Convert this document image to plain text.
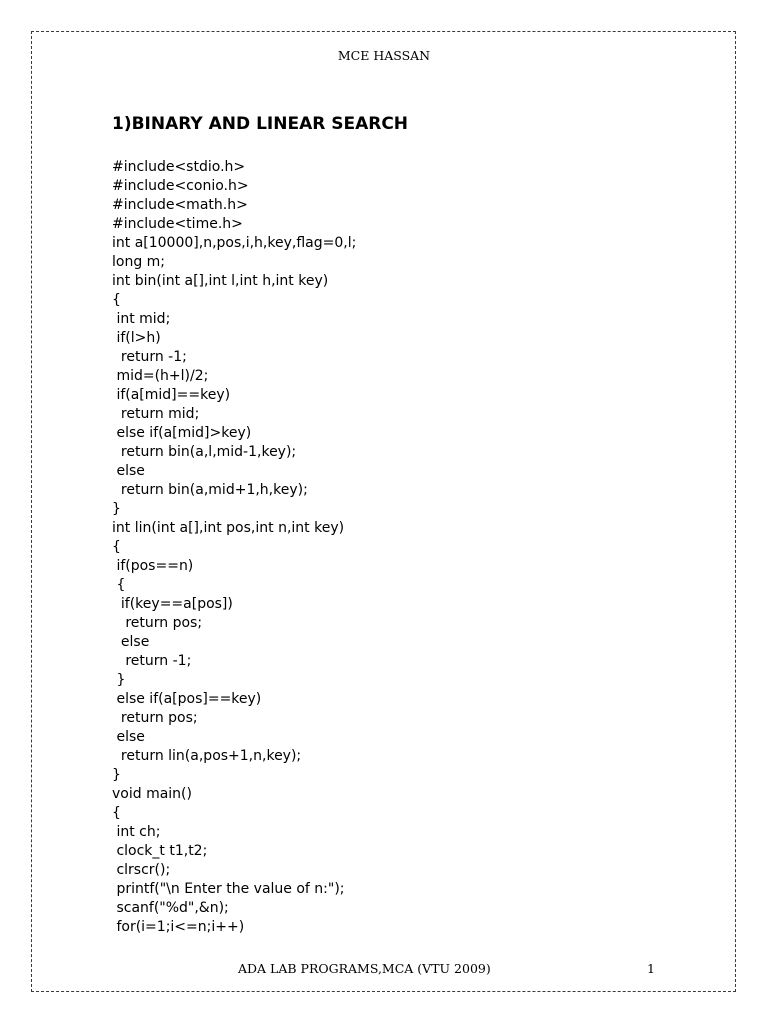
MCE HASSAN
1)BINARY AND LINEAR SEARCH
#include<stdio.h>
#include<conio.h>
#include<math.h>
#include<time.h>
int a[10000],n,pos,i,h,key,flag=0,l;
long m;
int bin(int a[],int l,int h,int key)
{
int mid;
if(l>h)
return -1;
mid=(h+l)/2;
if(a[mid]==key)
return mid;
else if(a[mid]>key)
return bin(a,l,mid-1,key);
else
return bin(a,mid+1,h,key);
}
int lin(int a[],int pos,int n,int key)
{
if(pos==n)
{
if(key==a[pos])
return pos;
else
return -1;
}
else if(a[pos]==key)
return pos;
else
return lin(a,pos+1,n,key);
}
void main()
{
int ch;
clock_t t1,t2;
clrscr();
printf("\n Enter the value of n:");
scanf("%d",&n);
for(i=1;i<=n;i++)
ADA LAB PROGRAMS,MCA (VTU 2009)	1
